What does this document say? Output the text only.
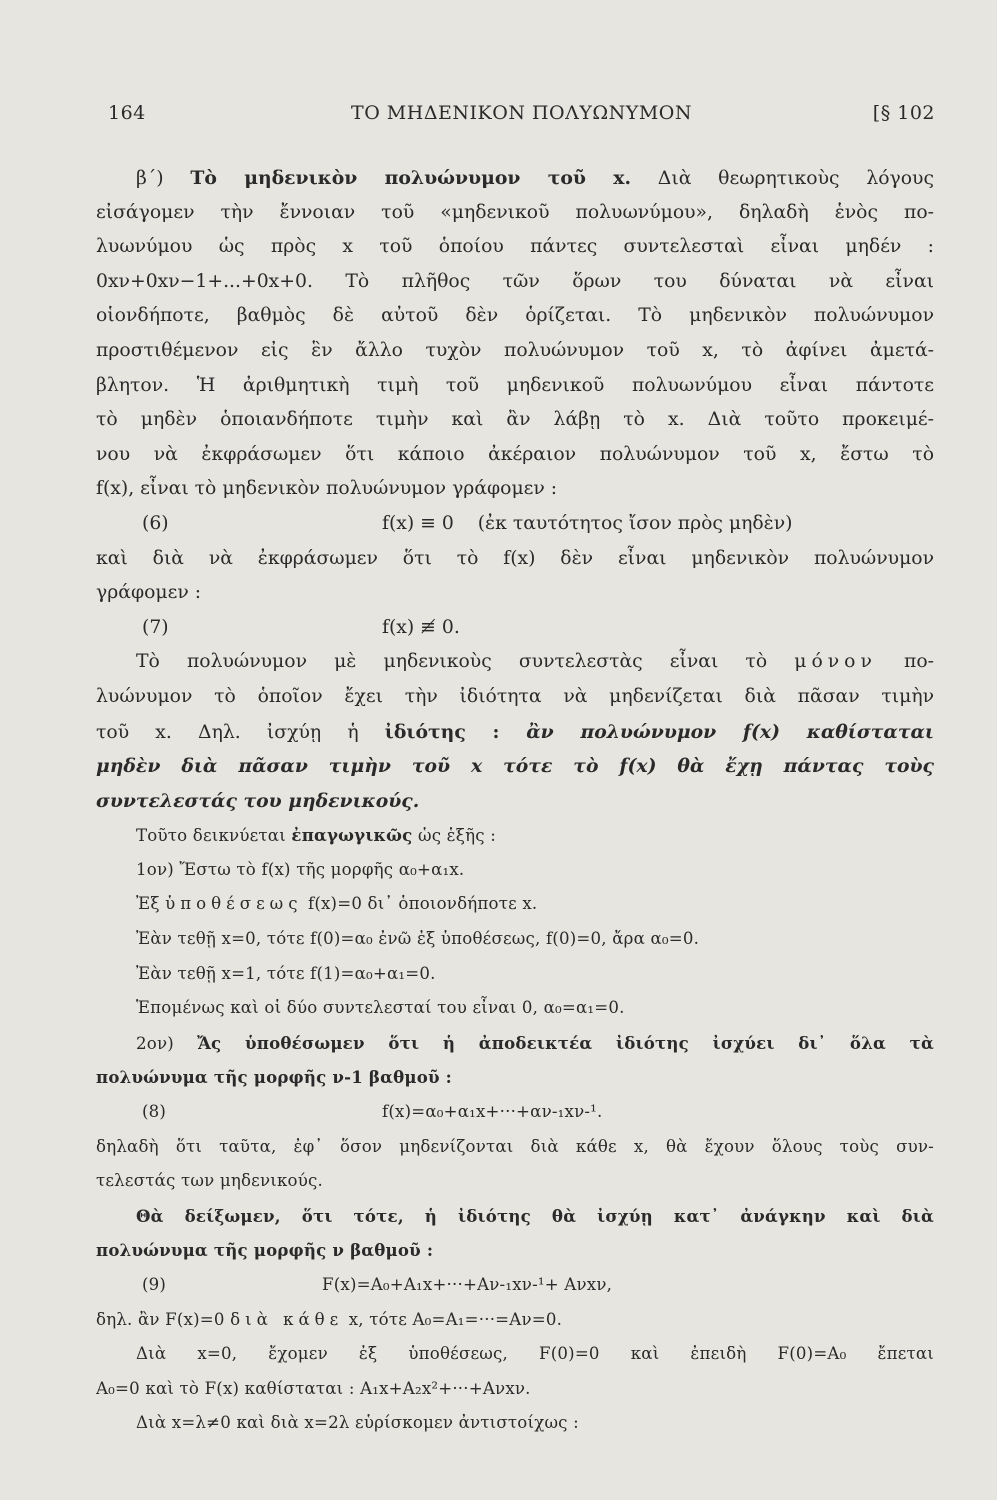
164	ΤΟ ΜΗΔΕΝΙΚΟΝ ΠΟΛΥΩΝΥΜΟΝ	[§ 102
β΄) Τὸ μηδενικὸν πολυώνυμον τοῦ x. Διὰ θεωρητικοὺς λόγους
εἰσάγομεν τὴν ἔννοιαν τοῦ «μηδενικοῦ πολυωνύμου», δηλαδὴ ἑνὸς πο-
λυωνύμου ὡς πρὸς x τοῦ ὁποίου πάντες συντελεσταὶ εἶναι μηδέν :
0xν+0xν−1+...+0x+0. Τὸ πλῆθος τῶν ὅρων του δύναται νὰ εἶναι
οἱονδήποτε, βαθμὸς δὲ αὐτοῦ δὲν ὁρίζεται. Τὸ μηδενικὸν πολυώνυμον
προστιθέμενον εἰς ἓν ἄλλο τυχὸν πολυώνυμον τοῦ x, τὸ ἀφίνει ἀμετά-
βλητον. Ἡ ἀριθμητικὴ τιμὴ τοῦ μηδενικοῦ πολυωνύμου εἶναι πάντοτε
τὸ μηδὲν ὁποιανδήποτε τιμὴν καὶ ἂν λάβῃ τὸ x. Διὰ τοῦτο προκειμέ-
νου νὰ ἐκφράσωμεν ὅτι κάποιο ἀκέραιον πολυώνυμον τοῦ x, ἔστω τὸ
f(x), εἶναι τὸ μηδενικὸν πολυώνυμον γράφομεν :
(6)	f(x) ≡ 0 (ἐκ ταυτότητος ἴσον πρὸς μηδὲν)
καὶ διὰ νὰ ἐκφράσωμεν ὅτι τὸ f(x) δὲν εἶναι μηδενικὸν πολυώνυμον
γράφομεν :
(7)	f(x) ≢ 0.
Τὸ πολυώνυμον μὲ μηδενικοὺς συντελεστὰς εἶναι τὸ μόνον πο-
λυώνυμον τὸ ὁποῖον ἔχει τὴν ἰδιότητα νὰ μηδενίζεται διὰ πᾶσαν τιμὴν
τοῦ x. Δηλ. ἰσχύῃ ἡ ἰδιότης : ἂν πολυώνυμον f(x) καθίσταται
μηδὲν διὰ πᾶσαν τιμὴν τοῦ x τότε τὸ f(x) θὰ ἔχῃ πάντας τοὺς
συντελεστάς του μηδενικούς.
Τοῦτο δεικνύεται ἐπαγωγικῶς ὡς ἑξῆς :
1ον) Ἔστω τὸ f(x) τῆς μορφῆς α₀+α₁x.
Ἐξ ὑποθέσεως f(x)=0 δι᾽ ὁποιονδήποτε x.
Ἐὰν τεθῇ x=0, τότε f(0)=α₀ ἐνῶ ἐξ ὑποθέσεως, f(0)=0, ἄρα α₀=0.
Ἐὰν τεθῇ x=1, τότε f(1)=α₀+α₁=0.
Ἑπομένως καὶ οἱ δύο συντελεσταί του εἶναι 0, α₀=α₁=0.
2ον) Ἄς ὑποθέσωμεν ὅτι ἡ ἀποδεικτέα ἰδιότης ἰσχύει δι᾽ ὅλα τὰ
πολυώνυμα τῆς μορφῆς ν-1 βαθμοῦ :
(8)	f(x)=α₀+α₁x+···+αν-₁xν-¹.
δηλαδὴ ὅτι ταῦτα, ἐφ᾽ ὅσον μηδενίζονται διὰ κάθε x, θὰ ἔχουν ὅλους τοὺς συν-
τελεστάς των μηδενικούς.
Θὰ δείξωμεν, ὅτι τότε, ἡ ἰδιότης θὰ ἰσχύῃ κατ᾽ ἀνάγκην καὶ διὰ
πολυώνυμα τῆς μορφῆς ν βαθμοῦ :
(9)	F(x)=A₀+A₁x+···+Aν-₁xν-¹+ Aνxν,
δηλ. ἂν F(x)=0 διὰ κάθε x, τότε A₀=A₁=···=Aν=0.
Διὰ x=0, ἔχομεν ἐξ ὑποθέσεως, F(0)=0 καὶ ἐπειδὴ F(0)=A₀ ἔπεται
A₀=0 καὶ τὸ F(x) καθίσταται : A₁x+A₂x²+···+Aνxν.
Διὰ x=λ≠0 καὶ διὰ x=2λ εὑρίσκομεν ἀντιστοίχως :
